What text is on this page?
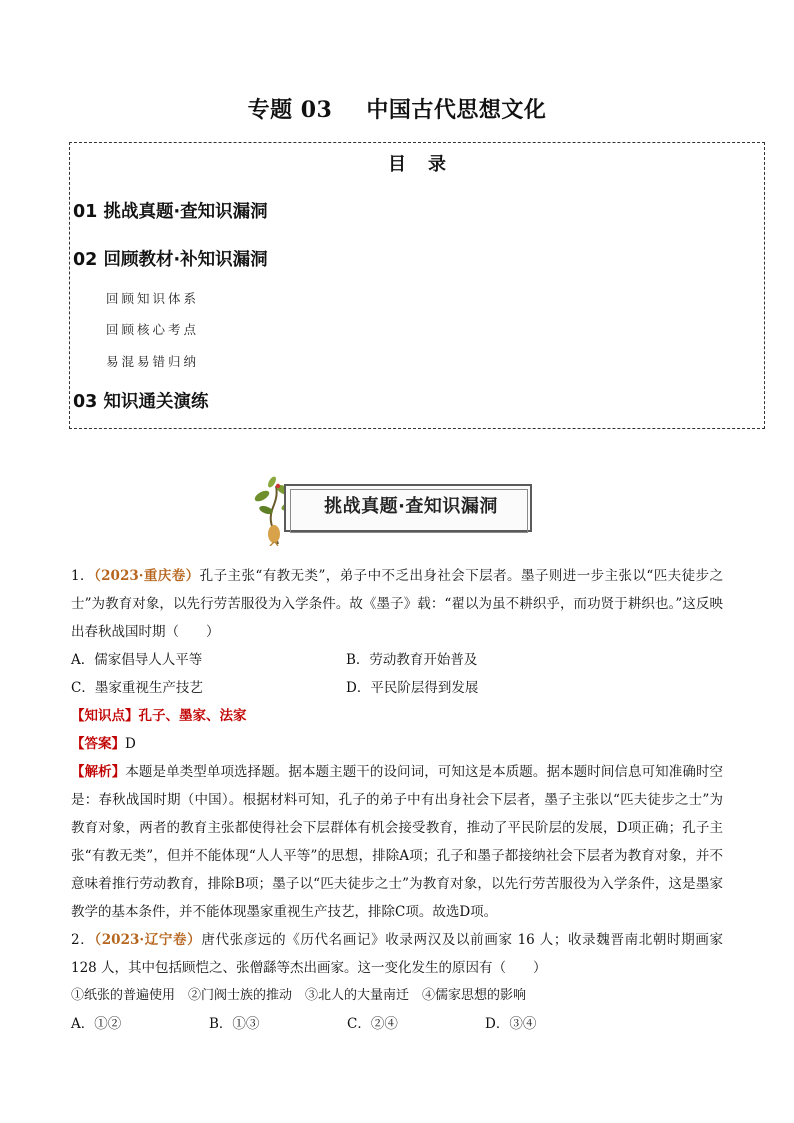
专题 03 中国古代思想文化
目录
01 挑战真题·查知识漏洞
02 回顾教材·补知识漏洞
回顾知识体系
回顾核心考点
易混易错归纳
03 知识通关演练
挑战真题·查知识漏洞

1．（2023·重庆卷）孔子主张“有教无类”，弟子中不乏出身社会下层者。墨子则进一步主张以“匹夫徒步之士”为教育对象，以先行劳苦服役为入学条件。故《墨子》载：“翟以为虽不耕织乎，而功贤于耕织也。”这反映出春秋战国时期（　　）

A．儒家倡导人人平等	B．劳动教育开始普及
C．墨家重视生产技艺	D．平民阶层得到发展

【知识点】孔子、墨家、法家

【答案】D

【解析】本题是单类型单项选择题。据本题主题干的设问词，可知这是本质题。据本题时间信息可知准确时空是：春秋战国时期（中国）。根据材料可知，孔子的弟子中有出身社会下层者，墨子主张以“匹夫徒步之士”为教育对象，两者的教育主张都使得社会下层群体有机会接受教育，推动了平民阶层的发展，D项正确；孔子主张“有教无类”，但并不能体现“人人平等”的思想，排除A项；孔子和墨子都接纳社会下层者为教育对象，并不意味着推行劳动教育，排除B项；墨子以“匹夫徒步之士”为教育对象，以先行劳苦服役为入学条件，这是墨家教学的基本条件，并不能体现墨家重视生产技艺，排除C项。故选D项。

2．（2023·辽宁卷）唐代张彦远的《历代名画记》收录两汉及以前画家 16 人；收录魏晋南北朝时期画家 128 人，其中包括顾恺之、张僧繇等杰出画家。这一变化发生的原因有（　　）

①纸张的普遍使用　②门阀士族的推动　③北人的大量南迁　④儒家思想的影响

A．①②	B．①③	C．②④	D．③④
